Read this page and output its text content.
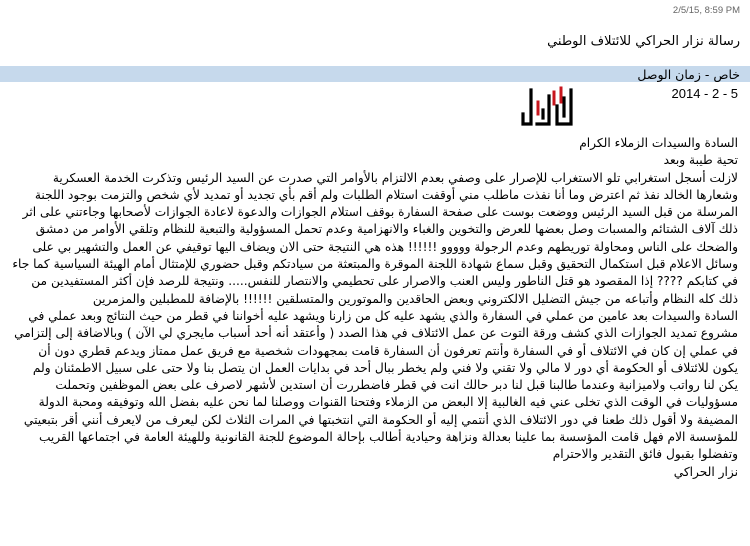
2/5/15, 8:59 PM
رسالة نزار الحراكي للائتلاف الوطني
خاص - زمان الوصل
2014 - 2 - 5

السادة والسيدات الزملاء الكرام

تحية طيبة وبعد

لازلت أسجل استغرابي تلو الاستغراب للإصرار على وصفي بعدم الالتزام بالأوامر التي صدرت عن السيد الرئيس وتذكرت الخدمة العسكرية وشعارها الخالد نفذ ثم اعترض وما أنا نفذت ماطلب مني أوقفت استلام الطلبات ولم أقم بأي تجديد أو تمديد لأي شخص والتزمت بوجود اللجنة المرسلة من قبل السيد الرئيس ووضعت بوست على صفحة السفارة بوقف استلام الجوازات والدعوة لاعادة الجوازات لأصحابها وجاءتني على اثر ذلك آلاف الشتائم والمسبات وصل بعضها للعرض والتخوين والغباء والانهزامية وعدم تحمل المسؤولية والتبعية للنظام وتلقي الأوامر من دمشق والضحك على الناس ومحاولة توريطهم وعدم الرجولة ووووو !!!!!! هذه هي النتيجة حتى الان ويضاف اليها توقيفي عن العمل والتشهير بي على وسائل الاعلام قبل استكمال التحقيق وقبل سماع شهادة اللجنة الموقرة والمبتعثة من سيادتكم وقبل حضوري للإمتثال أمام الهيئة السياسية كما جاء في كتابكم ???? إذا المقصود هو قتل الناطور وليس العنب والاصرار على تحطيمي والانتصار للنفس..... ونتيجة للرصد فإن أكثر المستفيدين من ذلك كله النظام وأتباعه من جيش التضليل الالكتروني وبعض الحاقدين والموتورين والمتسلقين !!!!!! بالإضافة للمطبلين والمزمرين

السادة والسيدات بعد عامين من عملي في السفارة والذي يشهد عليه كل من زارنا ويشهد عليه أخواننا في قطر من حيث النتائج وبعد عملي في مشروع تمديد الجوازات الذي كشف ورقة التوت عن عمل الائتلاف في هذا الصدد ( وأعتقد أنه أحد أسباب مايجري لي الآن ) وبالاضافة إلى إلتزامي في عملي إن كان في الائتلاف أو في السفارة وأنتم تعرفون أن السفارة قامت بمجهودات شخصية مع فريق عمل ممتاز ويدعم قطري دون أن يكون للائتلاف أو الحكومة أي دور لا مالي ولا تقني ولا فني ولم يخطر ببال أحد في بدايات العمل ان يتصل بنا ولا حتى على سبيل الاطمئنان ولم يكن لنا رواتب ولاميزانية وعندما طالبنا قبل لنا دبر حالك انت في قطر فاضطررت أن استدين لأشهر لاصرف على بعض الموظفين وتحملت مسؤوليات في الوقت الذي تخلى عني فيه الغالبية إلا البعض من الزملاء وفتحنا القنوات ووصلنا لما نحن عليه بفضل الله وتوفيقه ومحبة الدولة المضيفة ولا أقول ذلك طعنا في دور الائتلاف الذي أنتمي إليه أو الحكومة التي انتخبتها في المرات الثلاث لكن ليعرف من لايعرف أنني أقر بتبعيتي للمؤسسة الام فهل قامت المؤسسة بما علينا بعدالة ونزاهة وحيادية أطالب بإحالة الموضوع للجنة القانونية وللهيئة العامة في اجتماعها القريب

وتفضلوا بقبول فائق التقدير والاحترام

نزار الحراكي
